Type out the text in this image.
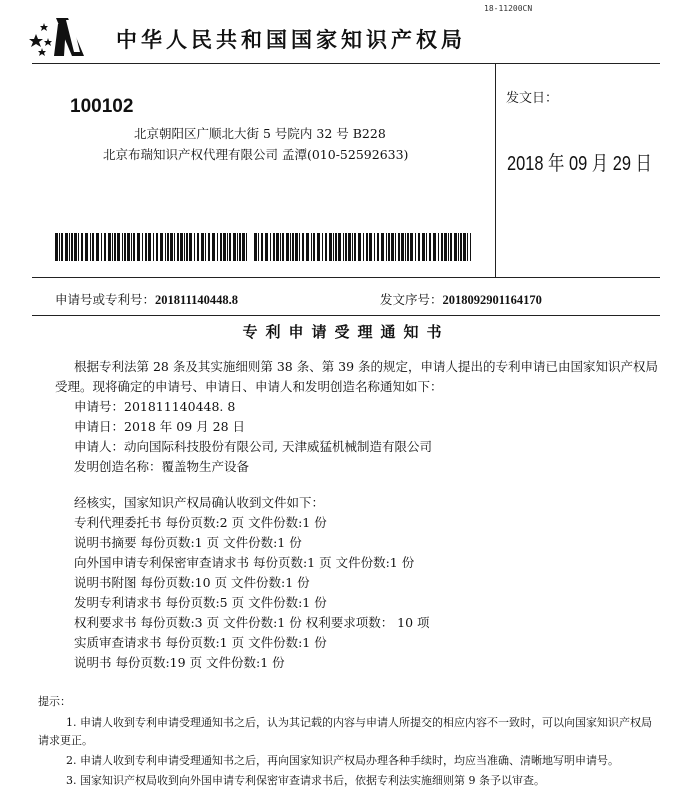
18-11200CN
中华人民共和国国家知识产权局
100102
北京朝阳区广顺北大街 5 号院内 32 号 B228
北京布瑞知识产权代理有限公司 孟潭(010-52592633)
发文日：
2018 年 09 月 29 日
申请号或专利号：201811140448.8	发文序号：2018092901164170
专利申请受理通知书
根据专利法第 28 条及其实施细则第 38 条、第 39 条的规定，申请人提出的专利申请已由国家知识产权局
受理。现将确定的申请号、申请日、申请人和发明创造名称通知如下：
申请号：201811140448. 8
申请日：2018 年 09 月 28 日
申请人：动向国际科技股份有限公司, 天津威猛机械制造有限公司
发明创造名称：覆盖物生产设备
经核实，国家知识产权局确认收到文件如下：
专利代理委托书 每份页数:2 页 文件份数:1 份
说明书摘要 每份页数:1 页 文件份数:1 份
向外国申请专利保密审查请求书 每份页数:1 页 文件份数:1 份
说明书附图 每份页数:10 页 文件份数:1 份
发明专利请求书 每份页数:5 页 文件份数:1 份
权利要求书 每份页数:3 页 文件份数:1 份 权利要求项数： 10 项
实质审查请求书 每份页数:1 页 文件份数:1 份
说明书 每份页数:19 页 文件份数:1 份
提示：
1. 申请人收到专利申请受理通知书之后，认为其记载的内容与申请人所提交的相应内容不一致时，可以向国家知识产权局
请求更正。
2. 申请人收到专利申请受理通知书之后，再向国家知识产权局办理各种手续时，均应当准确、清晰地写明申请号。
3. 国家知识产权局收到向外国申请专利保密审查请求书后，依据专利法实施细则第 9 条予以审查。
